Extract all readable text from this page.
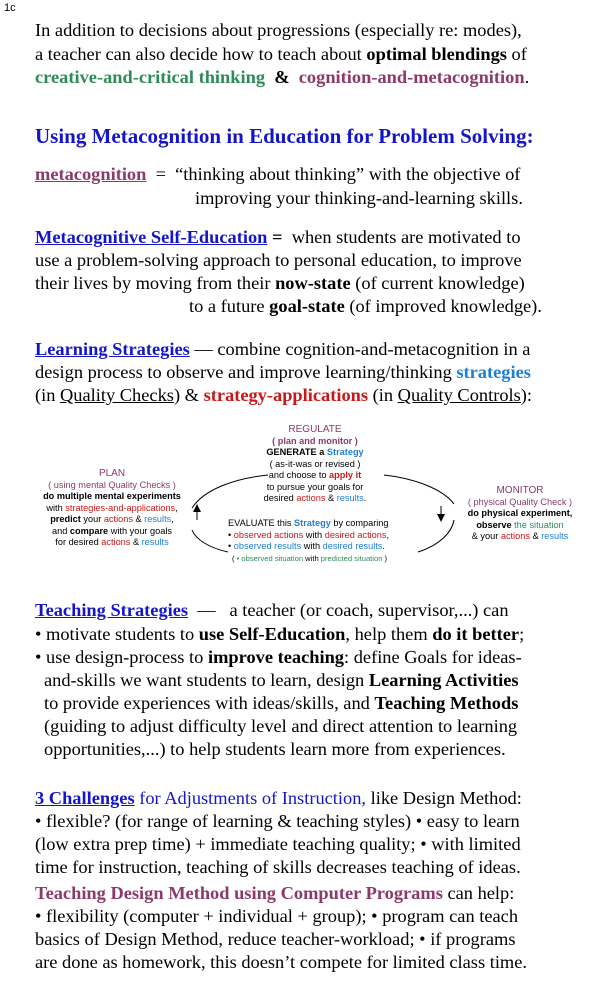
1c
In addition to decisions about progressions (especially re: modes),
a teacher can also decide how to teach about optimal blendings of
creative-and-critical thinking & cognition-and-metacognition.
Using Metacognition in Education for Problem Solving:
metacognition = “thinking about thinking” with the objective of
improving your thinking-and-learning skills.
Metacognitive Self-Education = when students are motivated to
use a problem-solving approach to personal education, to improve
their lives by moving from their now-state (of current knowledge)
to a future goal-state (of improved knowledge).
Learning Strategies — combine cognition-and-metacognition in a
design process to observe and improve learning/thinking strategies
(in Quality Checks) & strategy-applications (in Quality Controls):
REGULATE
( plan and monitor )
GENERATE a Strategy
( as-it-was or revised )
and choose to apply it
to pursue your goals for
desired actions & results.
PLAN
( using mental Quality Checks )
do multiple mental experiments
with strategies-and-applications,
predict your actions & results,
and compare with your goals
for desired actions & results
MONITOR
( physical Quality Check )
do physical experiment,
observe the situation
& your actions & results
EVALUATE this Strategy by comparing
• observed actions with desired actions,
• observed results with desired results.
( • observed situation with predicted situation )
Teaching Strategies — a teacher (or coach, supervisor,...) can
• motivate students to use Self-Education, help them do it better;
• use design-process to improve teaching: define Goals for ideas-
and-skills we want students to learn, design Learning Activities
to provide experiences with ideas/skills, and Teaching Methods
(guiding to adjust difficulty level and direct attention to learning
opportunities,...) to help students learn more from experiences.
3 Challenges for Adjustments of Instruction, like Design Method:
• flexible? (for range of learning & teaching styles) • easy to learn
(low extra prep time) + immediate teaching quality; • with limited
time for instruction, teaching of skills decreases teaching of ideas.
Teaching Design Method using Computer Programs can help:
• flexibility (computer + individual + group); • program can teach
basics of Design Method, reduce teacher-workload; • if programs
are done as homework, this doesn’t compete for limited class time.
